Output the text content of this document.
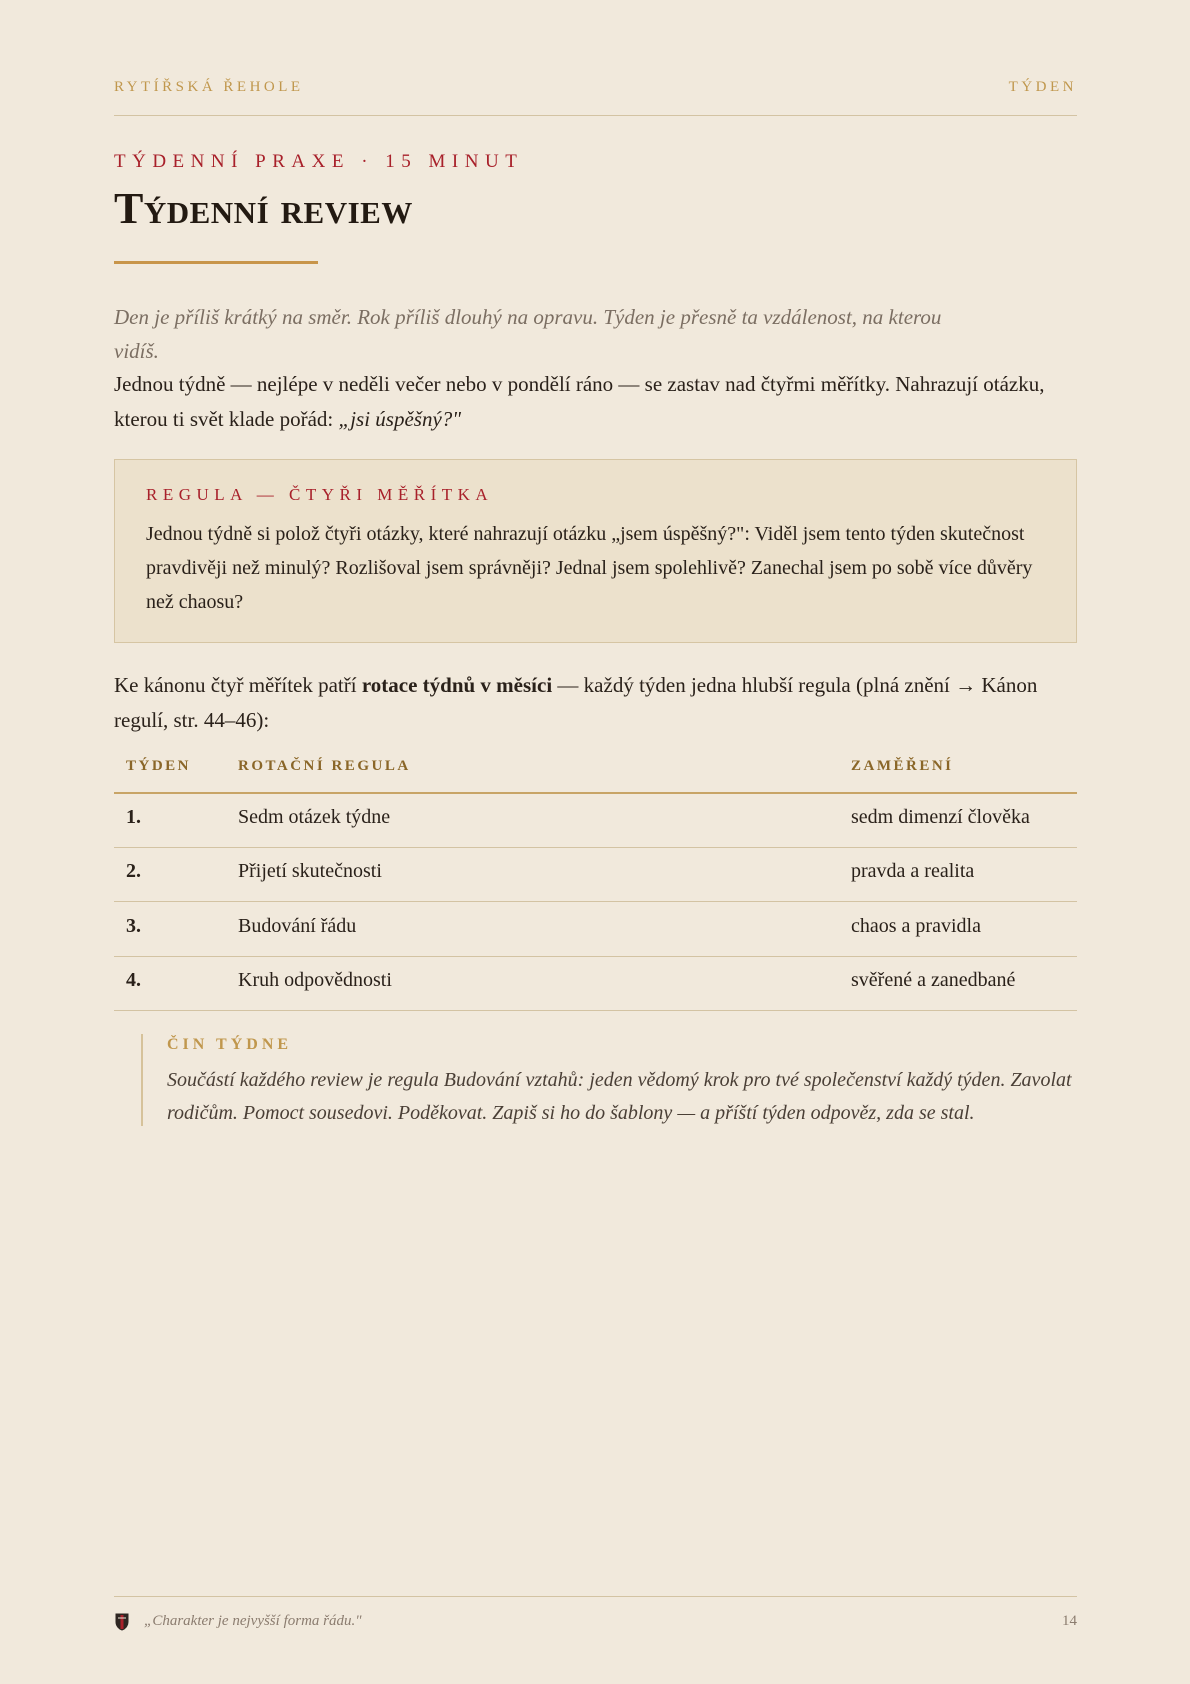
RYTÍŘSKÁ ŘEHOLE	TÝDEN
TÝDENNÍ PRAXE · 15 MINUT
Týdenní review
Den je příliš krátký na směr. Rok příliš dlouhý na opravu. Týden je přesně ta vzdálenost, na kterou vidíš.
Jednou týdně — nejlépe v neděli večer nebo v pondělí ráno — se zastav nad čtyřmi měřítky. Nahrazují otázku, kterou ti svět klade pořád: „jsi úspěšný?"
REGULA — ČTYŘI MĚŘÍTKA
Jednou týdně si polož čtyři otázky, které nahrazují otázku „jsem úspěšný?": Viděl jsem tento týden skutečnost pravdivěji než minulý? Rozlišoval jsem správněji? Jednal jsem spolehlivě? Zanechal jsem po sobě více důvěry než chaosu?
Ke kánonu čtyř měřítek patří rotace týdnů v měsíci — každý týden jedna hlubší regula (plná znění → Kánon regulí, str. 44–46):
TÝDEN	ROTAČNÍ REGULA	ZAMĚŘENÍ
1.	Sedm otázek týdne	sedm dimenzí člověka
2.	Přijetí skutečnosti	pravda a realita
3.	Budování řádu	chaos a pravidla
4.	Kruh odpovědnosti	svěřené a zanedbané
ČIN TÝDNE
Součástí každého review je regula Budování vztahů: jeden vědomý krok pro tvé společenství každý týden. Zavolat rodičům. Pomoct sousedovi. Poděkovat. Zapiš si ho do šablony — a příští týden odpověz, zda se stal.
„Charakter je nejvyšší forma řádu."	14
